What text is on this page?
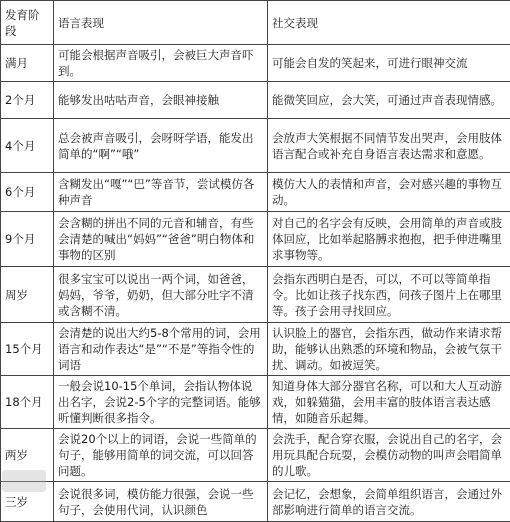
发育阶段	语言表现	社交表现
满月	可能会根据声音吸引，会被巨大声音吓到。	可能会自发的笑起来，可进行眼神交流
2个月	能够发出咕咕声音，会眼神接触	能微笑回应，会大笑，可通过声音表现情感。
4个月	总会被声音吸引，会呀呀学语，能发出简单的“啊”“哦”	会放声大笑根据不同情节发出哭声，会用肢体语言配合或补充自身语言表达需求和意愿。
6个月	含糊发出“嘎”“巴”等音节，尝试模仿各种声音	模仿大人的表情和声音，会对感兴趣的事物互动。
9个月	会含糊的拼出不同的元音和辅音，有些会清楚的喊出“妈妈”“爸爸”明白物体和事物的区别	对自己的名字会有反映，会用简单的声音或肢体回应，比如举起胳膊求抱抱，把手伸进嘴里求事物等。
周岁	很多宝宝可以说出一两个词，如爸爸，妈妈，爷爷，奶奶，但大部分吐字不清或含糊不清。	会指东西明白是否，可以，不可以等简单指令。比如让孩子找东西，问孩子图片上在哪里等。孩子会用寻找回应。
15个月	会清楚的说出大约5-8个常用的词，会用语言和动作表达“是”“不是”等指令性的词语	认识脸上的器官，会指东西，做动作来请求帮助，能够认出熟悉的环境和物品，会被气氛干扰、调动。如被逗笑。
18个月	一般会说10-15个单词，会指认物体说出名字，会说2-5个字的完整词语。能够听懂判断很多指令。	知道身体大部分器官名称，可以和大人互动游戏，如躲猫猫，会用丰富的肢体语言表达感情，如随音乐起舞。
两岁	会说20个以上的词语，会说一些简单的句子，能够用简单的词交流，可以回答问题。	会洗手，配合穿衣服，会说出自己的名字，会用玩具配合玩耍，会模仿动物的叫声会唱简单的儿歌。
三岁	会说很多词，模仿能力很强，会说一些句子，会使用代词，认识颜色	会记忆，会想象，会简单组织语言，会通过外部影响进行简单的语言交流。
